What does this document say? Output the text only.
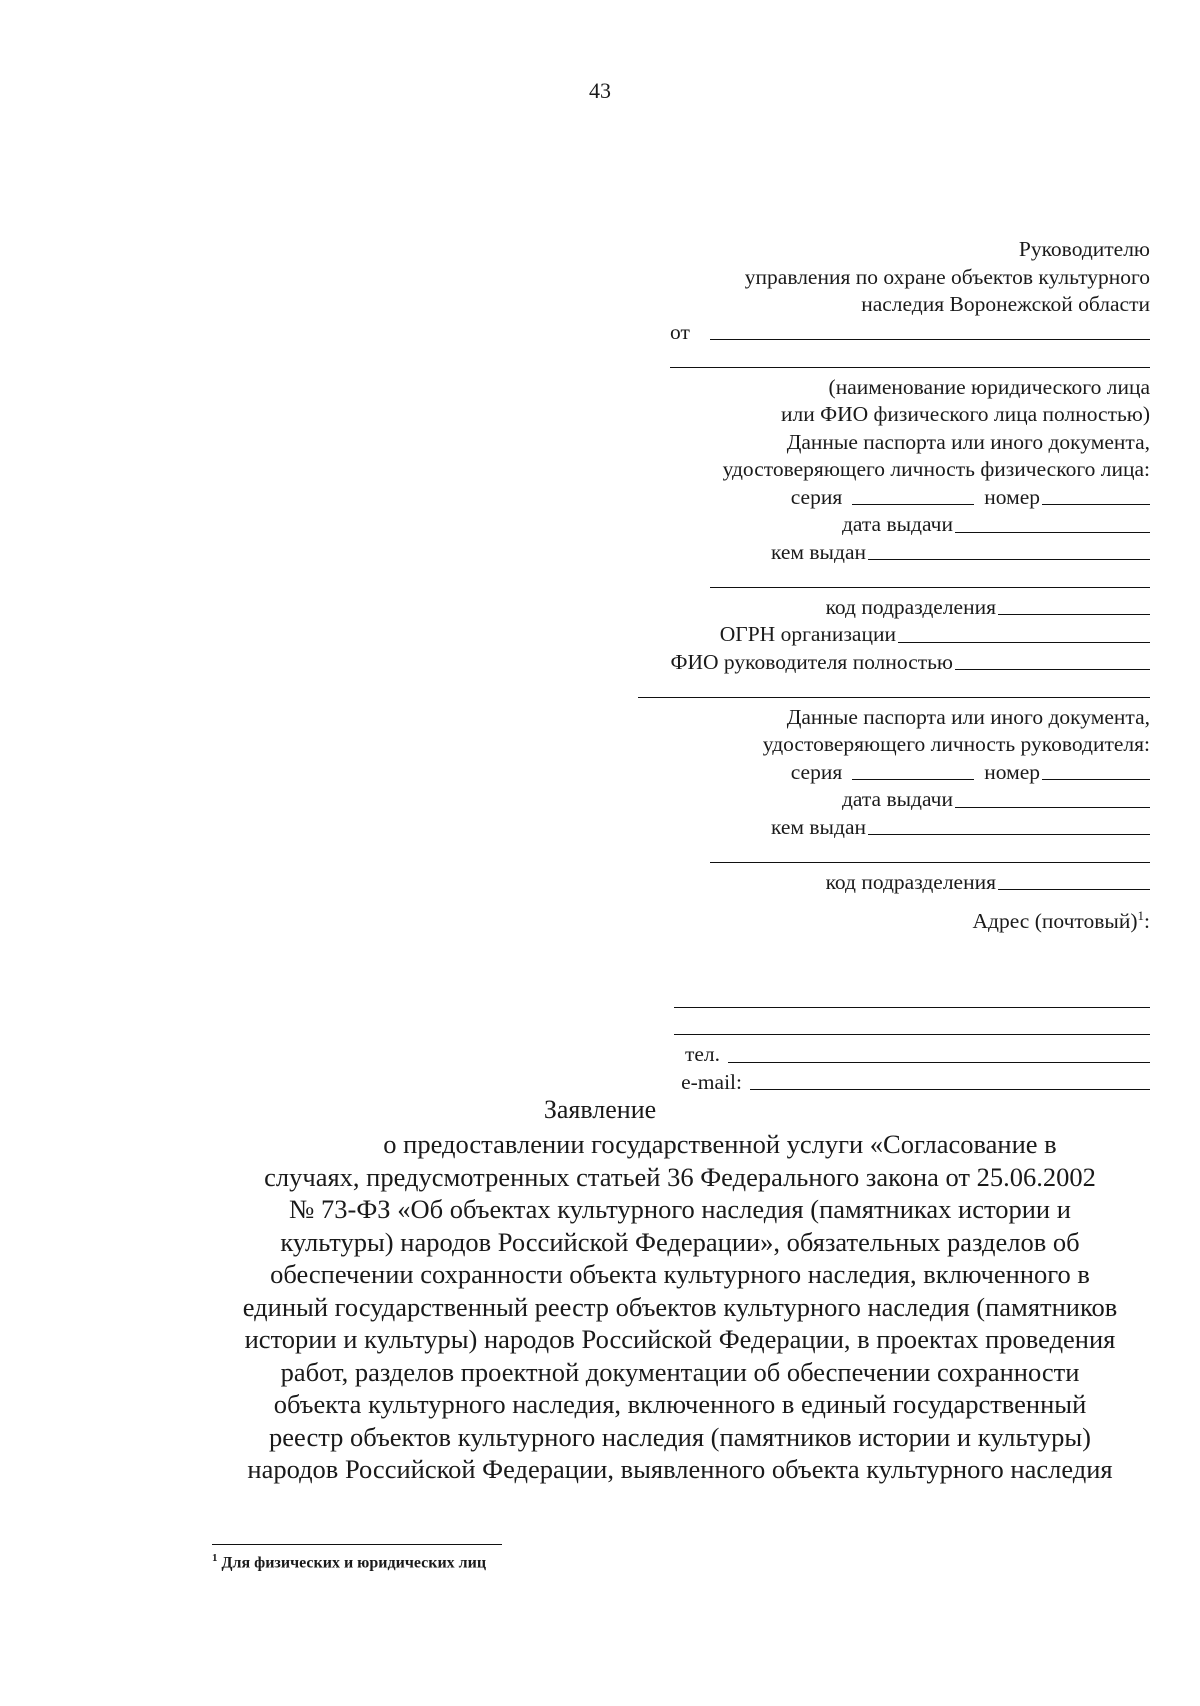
43
Руководителю
управления по охране объектов культурного
наследия Воронежской области
от
(наименование юридического лица
или ФИО физического лица полностью)
Данные паспорта или иного документа,
удостоверяющего личность физического лица:
серия	номер
дата выдачи
кем выдан
код подразделения
ОГРН организации
ФИО руководителя полностью
Данные паспорта или иного документа,
удостоверяющего личность руководителя:
серия	номер
дата выдачи
кем выдан
код подразделения
Адрес (почтовый)$^1$:
тел.
e-mail:
Заявление

о предоставлении государственной услуги «Согласование в
случаях, предусмотренных статьей 36 Федерального закона от 25.06.2002
№ 73-ФЗ «Об объектах культурного наследия (памятниках истории и
культуры) народов Российской Федерации», обязательных разделов об
обеспечении сохранности объекта культурного наследия, включенного в
единый государственный реестр объектов культурного наследия (памятников
истории и культуры) народов Российской Федерации, в проектах проведения
работ, разделов проектной документации об обеспечении сохранности
объекта культурного наследия, включенного в единый государственный
реестр объектов культурного наследия (памятников истории и культуры)
народов Российской Федерации, выявленного объекта культурного наследия

$^1$ Для физических и юридических лиц
